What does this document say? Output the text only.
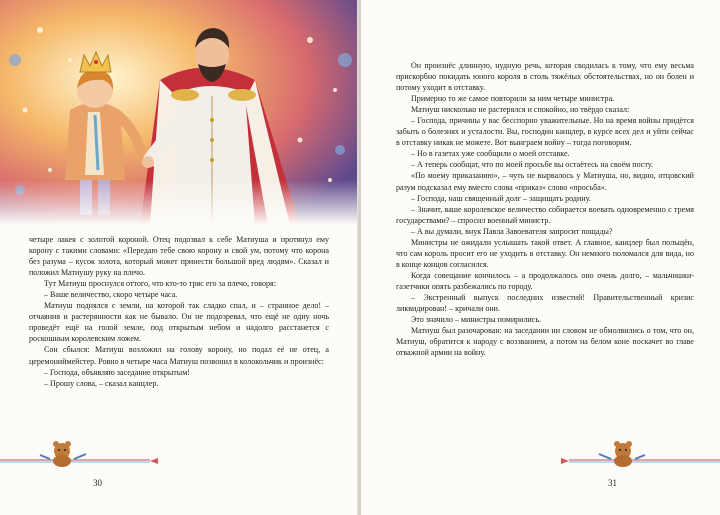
четыре лакея с золотой короной. Отец подозвал к себе Матиуша и протянул ему корону с такими словами: «Передаю тебе свою корону и свой ум, потому что корона без разума – кусок золота, который может принести большой вред людям». Сказал и положил Матиушу руку на плечо.

Тут Матиуш проснулся оттого, что кто-то тряс его за плечо, говоря:

– Ваше величество, скоро четыре часа.

Матиуш поднялся с земли, на которой так сладко спал, и – странное дело! – отчаяния и растерянности как не бывало. Он не подозревал, что ещё не одну ночь проведёт ещё на голой земле, под открытым небом и надолго расстанется с роскошным королевским ложем.

Сон сбылся: Матиуш возложил на голову корону, но подал её не отец, а церемониймейстер. Ровно в четыре часа Матиуш позвонил в колокольчик и произнёс:

– Господа, объявляю заседание открытым!

– Прошу слова, – сказал канцлер.

30

Он произнёс длинную, нудную речь, которая сводилась к тому, что ему весьма прискорбно покидать юного короля в столь тяжёлых обстоятельствах, но он болен и потому уходит в отставку.

Примерно то же самое повторили за ним четыре министра.

Матиуш нисколько не растерялся и спокойно, но твёрдо сказал:

– Господа, причины у вас бесспорно уважительные. Но на время войны придётся забыть о болезнях и усталости. Вы, господин канцлер, в курсе всех дел и уйти сейчас в отставку никак не можете. Вот выиграем войну – тогда поговорим.

– Но в газетах уже сообщили о моей отставке.

– А теперь сообщат, что по моей просьбе вы остаётесь на своём посту.

«По моему приказанию», – чуть не вырвалось у Матиуша, но, видно, отцовский разум подсказал ему вместо слова «приказ» слово «просьба».

– Господа, наш священный долг – защищать родину.

– Значит, ваше королевское величество собирается воевать одновременно с тремя государствами? – спросил военный министр.

– А вы думали, внук Павла Завоевателя запросит пощады?

Министры не ожидали услышать такой ответ. А главное, канцлер был польщён, что сам король просит его не уходить в отставку. Он немного поломался для вида, но в конце концов согласился.

Когда совещание кончилось – а продолжалось оно очень долго, – мальчишки-газетчики опять разбежались по городу.

– Экстренный выпуск последних известий! Правительственный кризис ликвидирован! – кричали они.

Это значило – министры помирились.

Матиуш был разочарован: на заседании ни словом не обмолвились о том, что он, Матиуш, обратится к народу с воззванием, а потом на белом коне поскачет во главе отважной армии на войну.

31
